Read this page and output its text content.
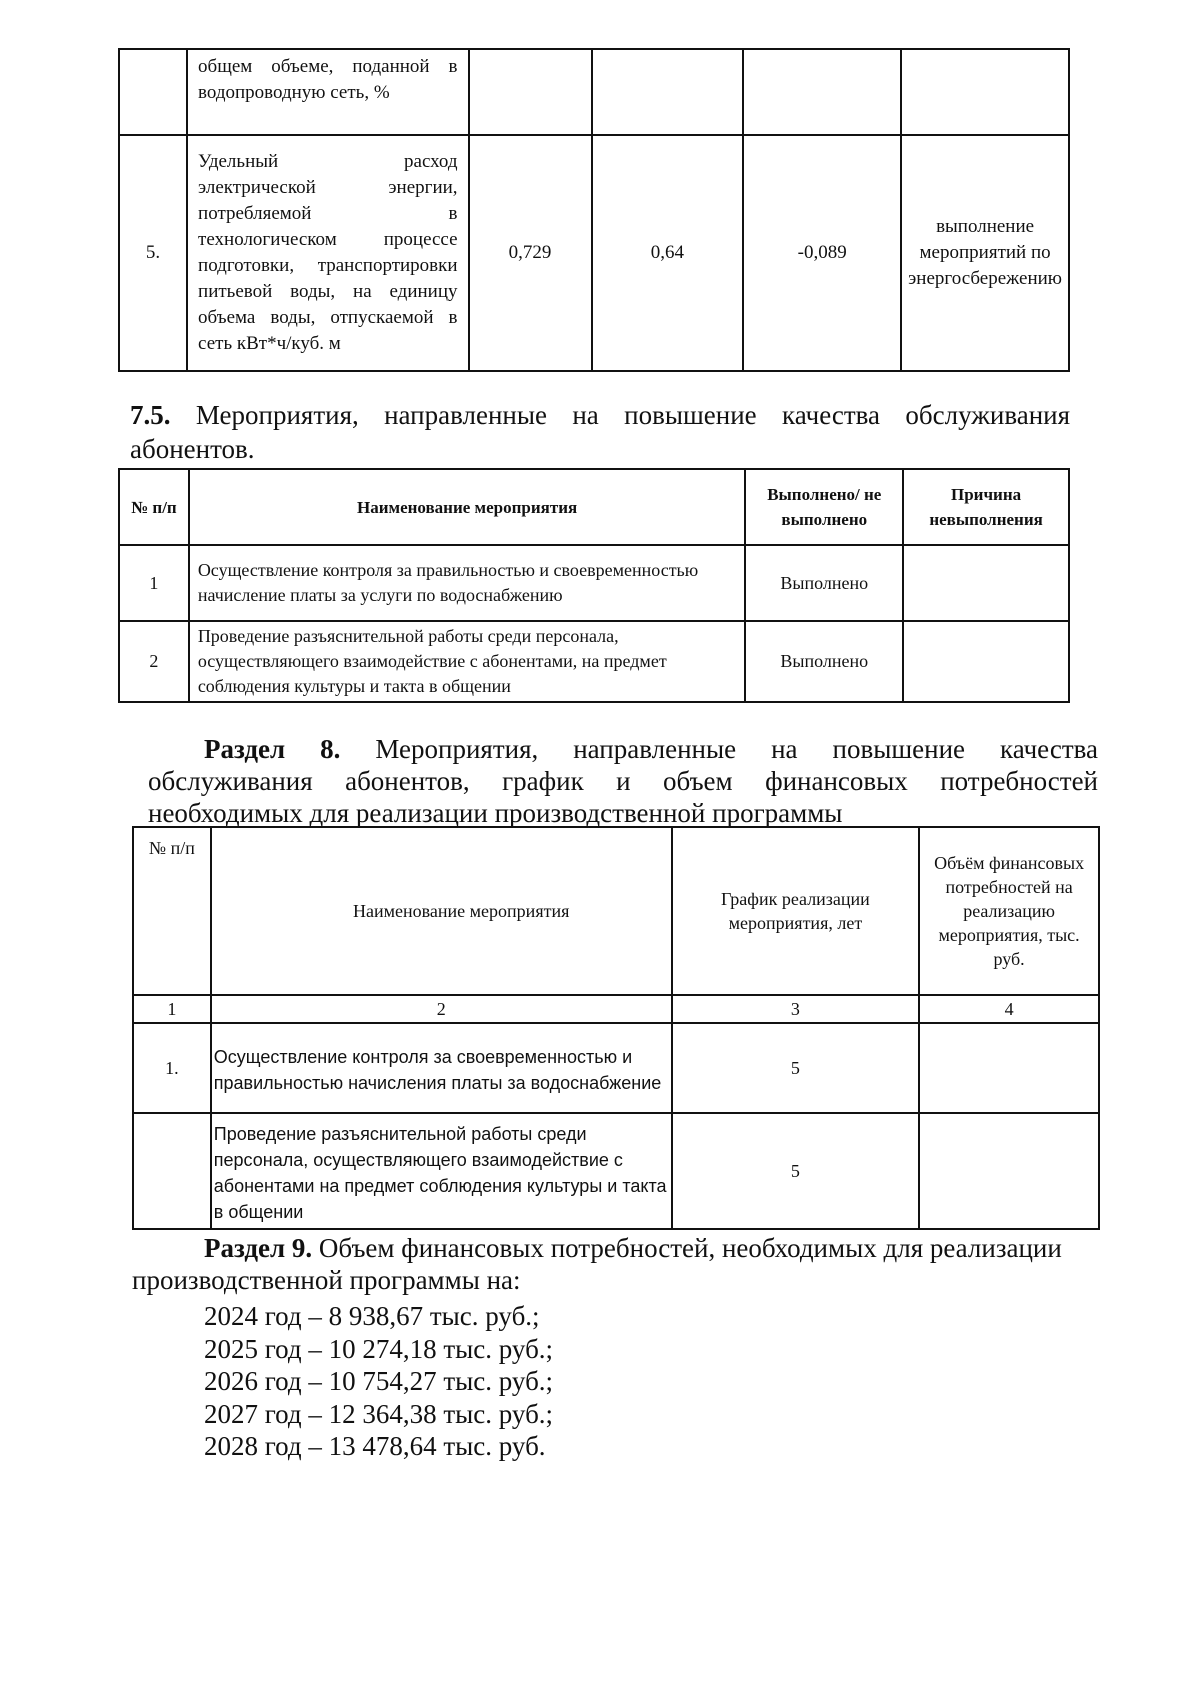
	общем объеме, поданной в водопроводную сеть, %				
5.	Удельный расход электрической энергии, потребляемой в технологическом процессе подготовки, транспортировки питьевой воды, на единицу объема воды, отпускаемой в сеть кВт*ч/куб. м	0,729	0,64	-0,089	выполнение мероприятий по энергосбережению
7.5. Мероприятия, направленные на повышение качества обслуживания абонентов.
№ п/п	Наименование мероприятия	Выполнено/ не выполнено	Причина невыполнения
1	Осуществление контроля за правильностью и своевременностью начисление платы за услуги по водоснабжению	Выполнено	
2	Проведение разъяснительной работы среди персонала, осуществляющего взаимодействие с абонентами, на предмет соблюдения культуры и такта в общении	Выполнено	
Раздел 8. Мероприятия, направленные на повышение качества обслуживания абонентов, график и объем финансовых потребностей необходимых для реализации производственной программы
№ п/п	Наименование мероприятия	График реализации мероприятия, лет	Объём финансовых потребностей на реализацию мероприятия, тыс. руб.
1	2	3	4
1.	Осуществление контроля за своевременностью и правильностью начисления платы за водоснабжение	5	
	Проведение разъяснительной работы среди персонала, осуществляющего взаимодействие с абонентами на предмет соблюдения культуры и такта в общении	5	
Раздел 9. Объем финансовых потребностей, необходимых для реализации производственной программы на:
2024 год – 8 938,67 тыс. руб.;
2025 год – 10 274,18 тыс. руб.;
2026 год – 10 754,27 тыс. руб.;
2027 год – 12 364,38 тыс. руб.;
2028 год – 13 478,64 тыс. руб.
